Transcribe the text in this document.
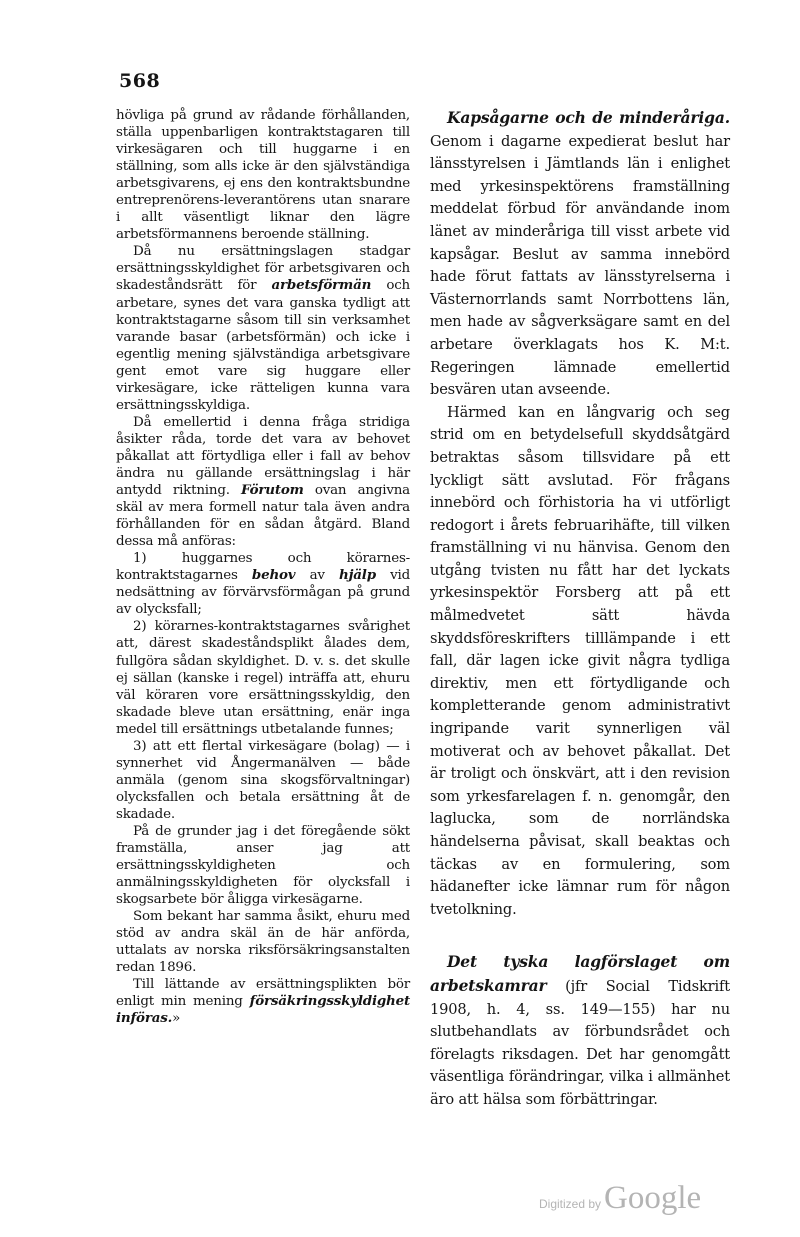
568

hövliga på grund av rådande förhållanden, ställa uppenbarligen kontraktstagaren till virkesägaren och till huggarne i en ställning, som alls icke är den självständiga arbetsgivarens, ej ens den kontraktsbundne entreprenörens-leverantörens utan snarare i allt väsentligt liknar den lägre arbetsförmannens beroende ställning.

Då nu ersättningslagen stadgar ersättningsskyldighet för arbetsgivaren och skadeståndsrätt för arbetsförmän och arbetare, synes det vara ganska tydligt att kontraktstagarne såsom till sin verksamhet varande basar (arbetsförmän) och icke i egentlig mening självständiga arbetsgivare gent emot vare sig huggare eller virkesägare, icke rätteligen kunna vara ersättningsskyldiga.

Då emellertid i denna fråga stridiga åsikter råda, torde det vara av behovet påkallat att förtydliga eller i fall av behov ändra nu gällande ersättningslag i här antydd riktning. Förutom ovan angivna skäl av mera formell natur tala även andra förhållanden för en sådan åtgärd. Bland dessa må anföras:

1) huggarnes och körarnes-kontraktstagarnes behov av hjälp vid nedsättning av förvärvsförmågan på grund av olycksfall;

2) körarnes-kontraktstagarnes svårighet att, därest skadeståndsplikt ålades dem, fullgöra sådan skyldighet. D. v. s. det skulle ej sällan (kanske i regel) inträffa att, ehuru väl köraren vore ersättningsskyldig, den skadade bleve utan ersättning, enär inga medel till ersättnings utbetalande funnes;

3) att ett flertal virkesägare (bolag) — i synnerhet vid Ångermanälven — både anmäla (genom sina skogsförvaltningar) olycksfallen och betala ersättning åt de skadade.

På de grunder jag i det föregående sökt framställa, anser jag att ersättningsskyldigheten och anmälningsskyldigheten för olycksfall i skogsarbete bör åligga virkesägarne.

Som bekant har samma åsikt, ehuru med stöd av andra skäl än de här anförda, uttalats av norska riksförsäkringsanstalten redan 1896.

Till lättande av ersättningsplikten bör enligt min mening försäkringsskyldighet införas.»

Kapsågarne och de minderåriga. Genom i dagarne expedierat beslut har länsstyrelsen i Jämtlands län i enlighet med yrkesinspektörens framställning meddelat förbud för användande inom länet av minderåriga till visst arbete vid kapsågar. Beslut av samma innebörd hade förut fattats av länsstyrelserna i Västernorrlands samt Norrbottens län, men hade av sågverksägare samt en del arbetare överklagats hos K. M:t. Regeringen lämnade emellertid besvären utan avseende.

Härmed kan en långvarig och seg strid om en betydelsefull skyddsåtgärd betraktas såsom tillsvidare på ett lyckligt sätt avslutad. För frågans innebörd och förhistoria ha vi utförligt redogort i årets februarihäfte, till vilken framställning vi nu hänvisa. Genom den utgång tvisten nu fått har det lyckats yrkesinspektör Forsberg att på ett målmedvetet sätt hävda skyddsföreskrifters tilllämpande i ett fall, där lagen icke givit några tydliga direktiv, men ett förtydligande och kompletterande genom administrativt ingripande varit synnerligen väl motiverat och av behovet påkallat. Det är troligt och önskvärt, att i den revision som yrkesfarelagen f. n. genomgår, den laglucka, som de norrländska händelserna påvisat, skall beaktas och täckas av en formulering, som hädanefter icke lämnar rum för någon tvetolkning.

Det tyska lagförslaget om arbetskamrar (jfr Social Tidskrift 1908, h. 4, ss. 149—155) har nu slutbehandlats av förbundsrådet och förelagts riksdagen. Det har genomgått väsentliga förändringar, vilka i allmänhet äro att hälsa som förbättringar.

Digitized byGoogle
